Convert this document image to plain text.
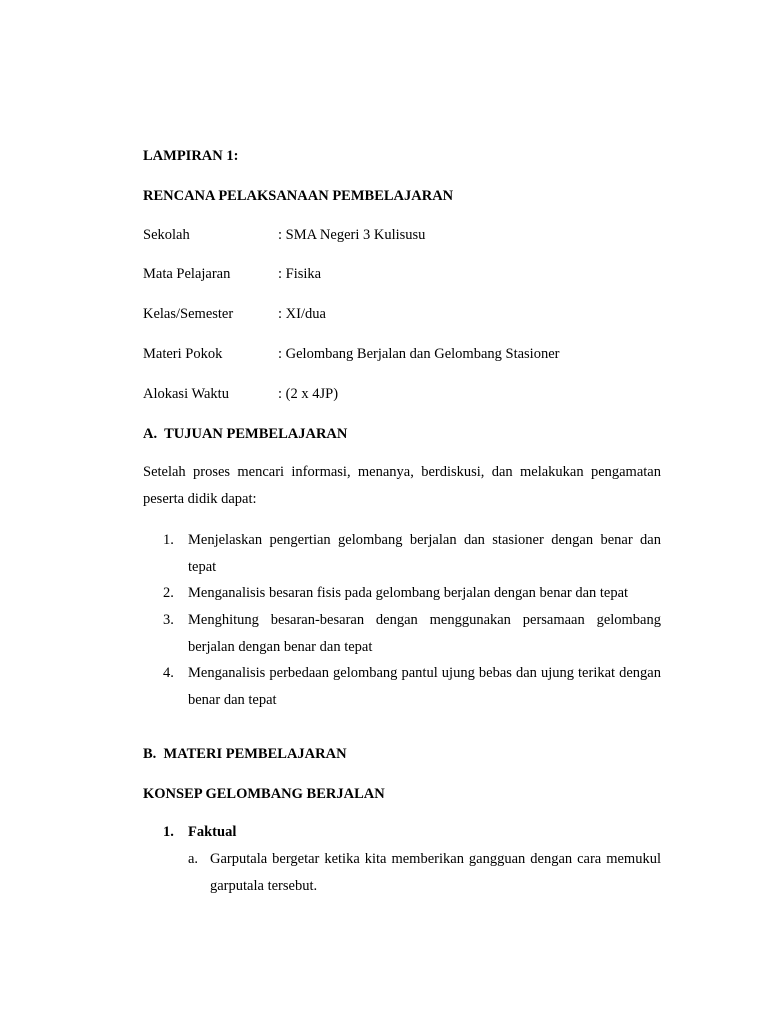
LAMPIRAN 1:
RENCANA PELAKSANAAN PEMBELAJARAN
Sekolah	: SMA Negeri 3 Kulisusu
Mata Pelajaran	: Fisika
Kelas/Semester	: XI/dua
Materi Pokok	: Gelombang Berjalan dan Gelombang Stasioner
Alokasi Waktu	: (2 x 4JP)
A.  TUJUAN PEMBELAJARAN
Setelah proses mencari informasi, menanya, berdiskusi, dan melakukan pengamatan peserta didik dapat:
1. Menjelaskan pengertian gelombang berjalan dan stasioner dengan benar dan tepat
2. Menganalisis besaran fisis pada gelombang berjalan dengan benar dan tepat
3. Menghitung besaran-besaran dengan menggunakan persamaan gelombang berjalan dengan benar dan tepat
4. Menganalisis perbedaan gelombang pantul ujung bebas dan ujung terikat dengan benar dan tepat
B.  MATERI PEMBELAJARAN
KONSEP GELOMBANG BERJALAN
1. Faktual
a. Garputala bergetar ketika kita memberikan gangguan dengan cara memukul garputala tersebut.
